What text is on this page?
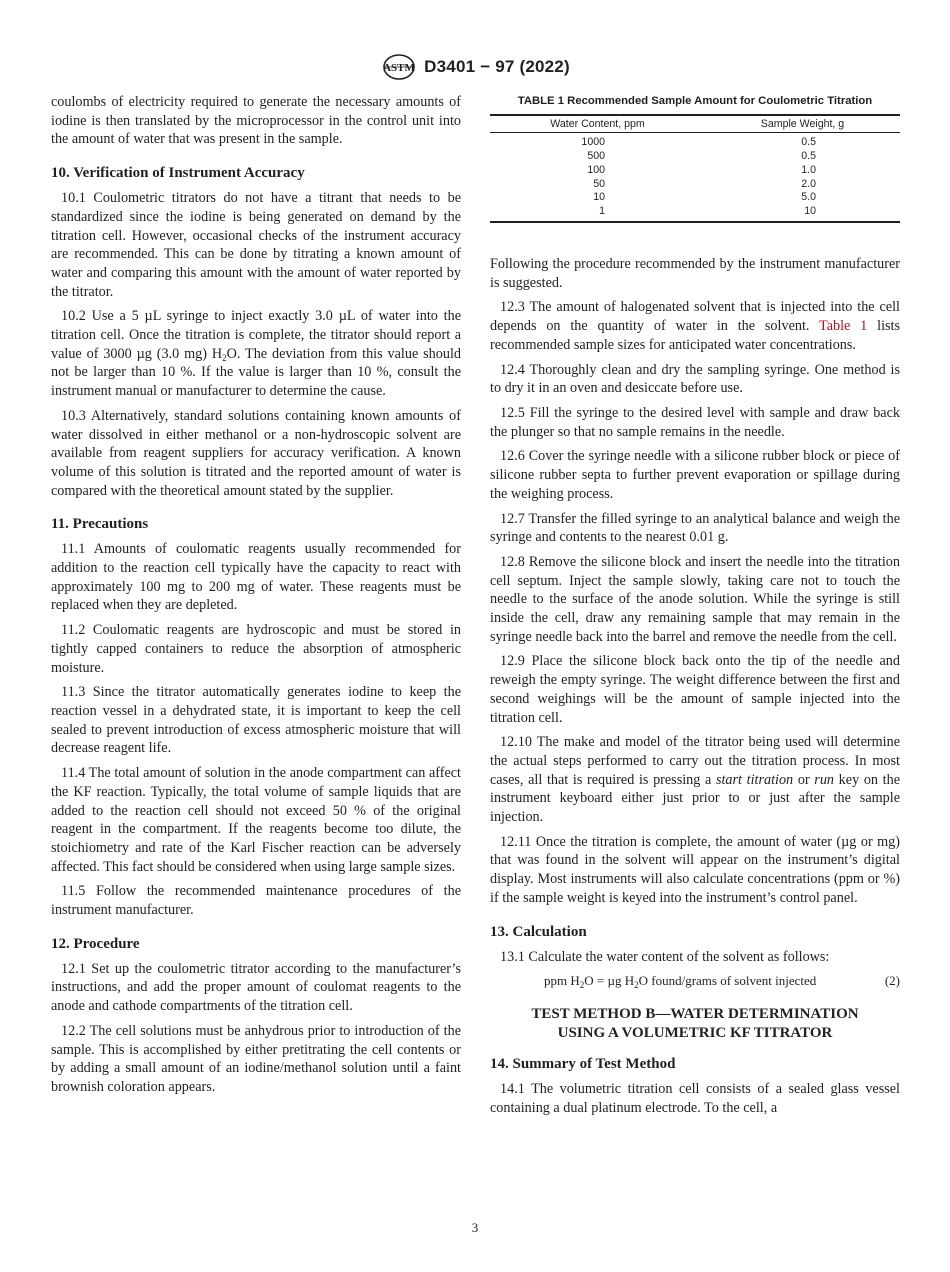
ASTM D3401 − 97 (2022)

coulombs of electricity required to generate the necessary amounts of iodine is then translated by the microprocessor in the control unit into the amount of water that was present in the sample.

10. Verification of Instrument Accuracy

10.1 Coulometric titrators do not have a titrant that needs to be standardized since the iodine is being generated on demand by the titration cell. However, occasional checks of the instrument accuracy are recommended. This can be done by titrating a known amount of water and comparing this amount with the amount of water reported by the titrator.

10.2 Use a 5 µL syringe to inject exactly 3.0 µL of water into the titration cell. Once the titration is complete, the titrator should report a value of 3000 µg (3.0 mg) $H_2O$. The deviation from this value should not be larger than 10 %. If the value is larger than 10 %, consult the instrument manual or manufacturer to determine the cause.

10.3 Alternatively, standard solutions containing known amounts of water dissolved in either methanol or a non-hydroscopic solvent are available from reagent suppliers for accuracy verification. A known volume of this solution is titrated and the reported amount of water is compared with the theoretical amount stated by the supplier.

11. Precautions

11.1 Amounts of coulomatic reagents usually recommended for addition to the reaction cell typically have the capacity to react with approximately 100 mg to 200 mg of water. These reagents must be replaced when they are depleted.

11.2 Coulomatic reagents are hydroscopic and must be stored in tightly capped containers to reduce the absorption of atmospheric moisture.

11.3 Since the titrator automatically generates iodine to keep the reaction vessel in a dehydrated state, it is important to keep the cell sealed to prevent introduction of excess atmospheric moisture that will decrease reagent life.

11.4 The total amount of solution in the anode compartment can affect the KF reaction. Typically, the total volume of sample liquids that are added to the reaction cell should not exceed 50 % of the original reagent in the compartment. If the reagents become too dilute, the stoichiometry and rate of the Karl Fischer reaction can be adversely affected. This fact should be considered when using large sample sizes.

11.5 Follow the recommended maintenance procedures of the instrument manufacturer.

12. Procedure

12.1 Set up the coulometric titrator according to the manufacturer’s instructions, and add the proper amount of coulomat reagents to the anode and cathode compartments of the titration cell.

12.2 The cell solutions must be anhydrous prior to introduction of the sample. This is accomplished by either pretitrating the cell contents or by adding a small amount of an iodine/methanol solution until a faint brownish coloration appears.

TABLE 1 Recommended Sample Amount for Coulometric Titration
Water Content, ppm	Sample Weight, g
1000	0.5
500	0.5
100	1.0
50	2.0
10	5.0
1	10

Following the procedure recommended by the instrument manufacturer is suggested.

12.3 The amount of halogenated solvent that is injected into the cell depends on the quantity of water in the solvent. Table 1 lists recommended sample sizes for anticipated water concentrations.

12.4 Thoroughly clean and dry the sampling syringe. One method is to dry it in an oven and desiccate before use.

12.5 Fill the syringe to the desired level with sample and draw back the plunger so that no sample remains in the needle.

12.6 Cover the syringe needle with a silicone rubber block or piece of silicone rubber septa to further prevent evaporation or spillage during the weighing process.

12.7 Transfer the filled syringe to an analytical balance and weigh the syringe and contents to the nearest 0.01 g.

12.8 Remove the silicone block and insert the needle into the titration cell septum. Inject the sample slowly, taking care not to touch the needle to the surface of the anode solution. While the syringe is still inside the cell, draw any remaining sample that may remain in the syringe needle back into the barrel and remove the needle from the cell.

12.9 Place the silicone block back onto the tip of the needle and reweigh the empty syringe. The weight difference between the first and second weighings will be the amount of sample injected into the titration cell.

12.10 The make and model of the titrator being used will determine the actual steps performed to carry out the titration process. In most cases, all that is required is pressing a start titration or run key on the instrument keyboard either just prior to or just after the sample injection.

12.11 Once the titration is complete, the amount of water (µg or mg) that was found in the solvent will appear on the instrument’s digital display. Most instruments will also calculate concentrations (ppm or %) if the sample weight is keyed into the instrument’s control panel.

13. Calculation

13.1 Calculate the water content of the solvent as follows:

ppm $H_2O = \mu g$ $H_2O$ found/grams of solvent injected	(2)
TEST METHOD B—WATER DETERMINATION
USING A VOLUMETRIC KF TITRATOR
14. Summary of Test Method

14.1 The volumetric titration cell consists of a sealed glass vessel containing a dual platinum electrode. To the cell, a

3
